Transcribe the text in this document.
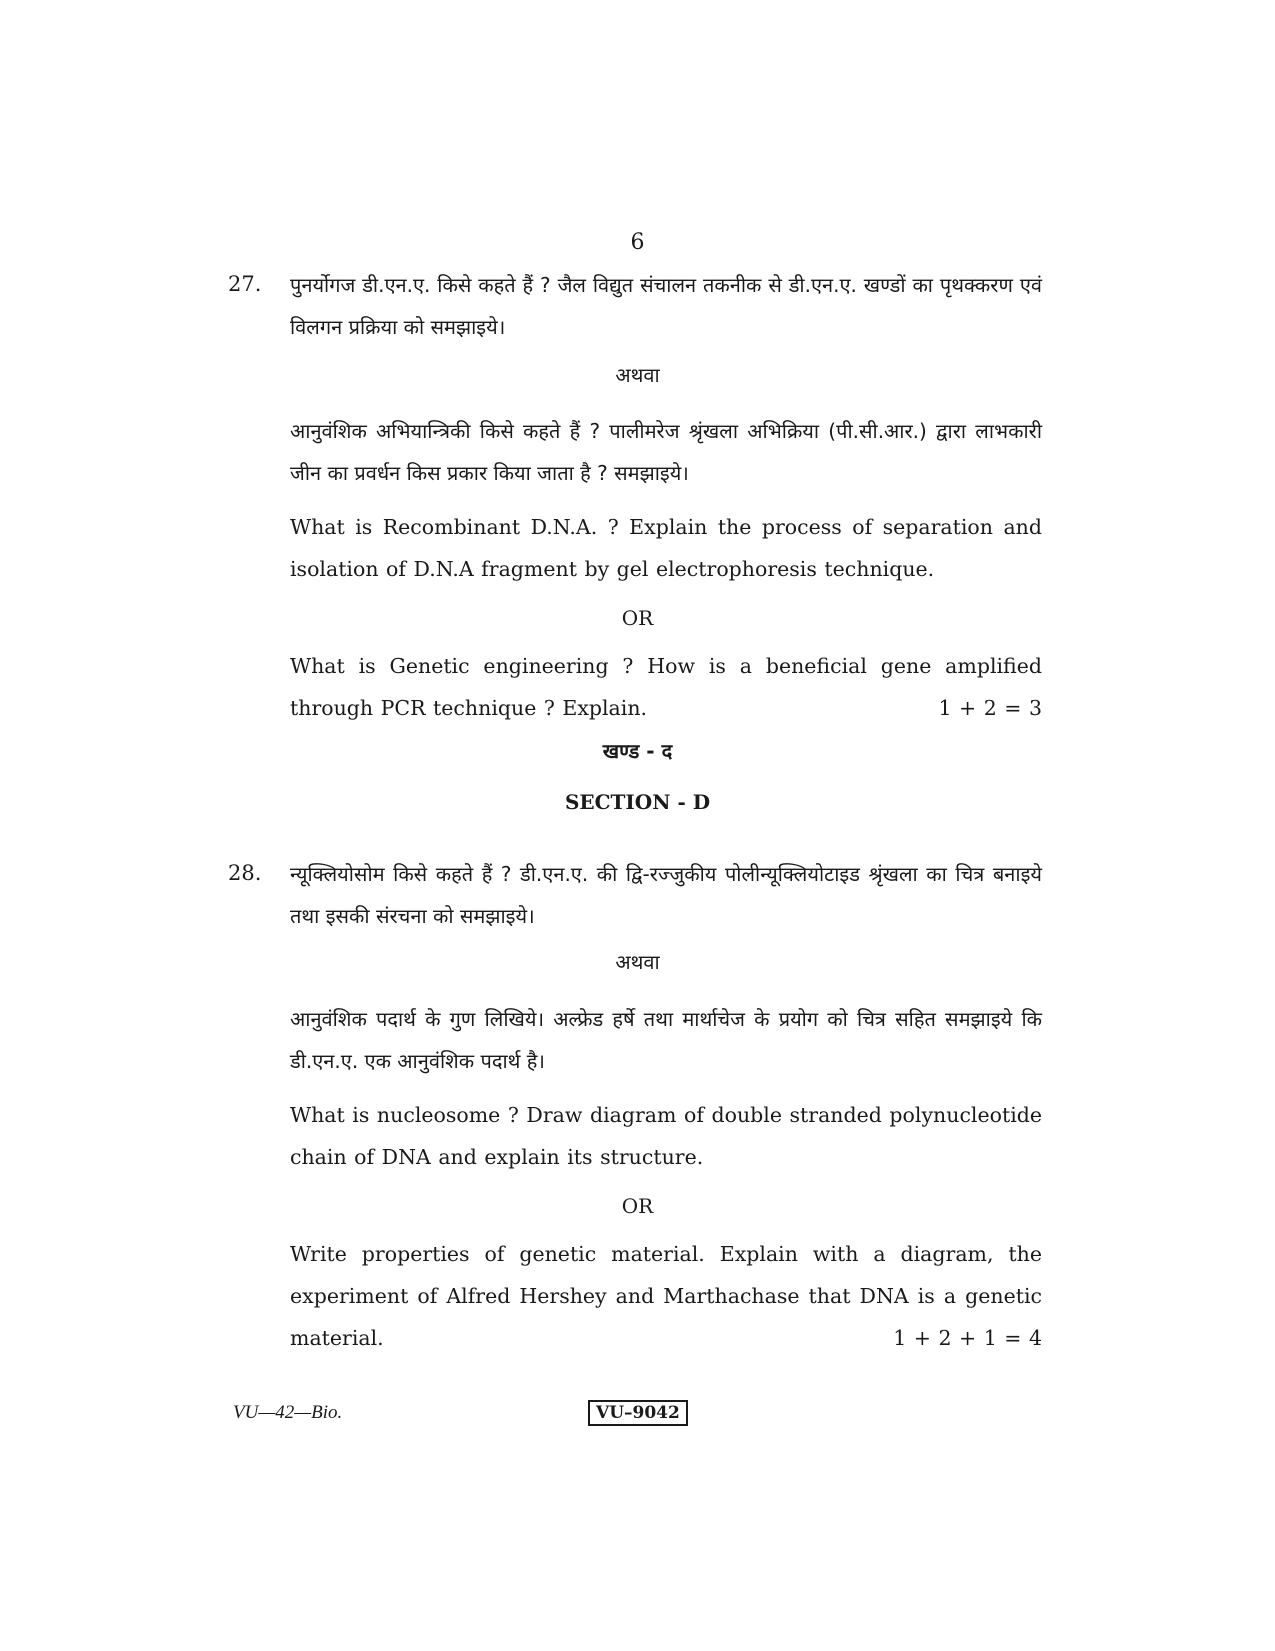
6
27. पुनर्योगज डी.एन.ए. किसे कहते हैं ? जैल विद्युत संचालन तकनीक से डी.एन.ए. खण्डों का पृथक्करण एवं विलगन प्रक्रिया को समझाइये।
अथवा
आनुवंशिक अभियान्त्रिकी किसे कहते हैं ? पालीमरेज श्रृंखला अभिक्रिया (पी.सी.आर.) द्वारा लाभकारी जीन का प्रवर्धन किस प्रकार किया जाता है ? समझाइये।
What is Recombinant D.N.A. ? Explain the process of separation and isolation of D.N.A fragment by gel electrophoresis technique.
OR
What is Genetic engineering ? How is a beneficial gene amplified
through PCR technique ? Explain.	1 + 2 = 3
खण्ड - द
SECTION - D
28. न्यूक्लियोसोम किसे कहते हैं ? डी.एन.ए. की द्वि-रज्जुकीय पोलीन्यूक्लियोटाइड श्रृंखला का चित्र बनाइये तथा इसकी संरचना को समझाइये।
अथवा
आनुवंशिक पदार्थ के गुण लिखिये। अल्फ्रेड हर्षे तथा मार्थाचेज के प्रयोग को चित्र सहित समझाइये कि डी.एन.ए. एक आनुवंशिक पदार्थ है।
What is nucleosome ? Draw diagram of double stranded polynucleotide chain of DNA and explain its structure.
OR
Write properties of genetic material. Explain with a diagram, the experiment of Alfred Hershey and Marthachase that DNA is a genetic
material.	1 + 2 + 1 = 4
VU—42—Bio.	VU–9042
